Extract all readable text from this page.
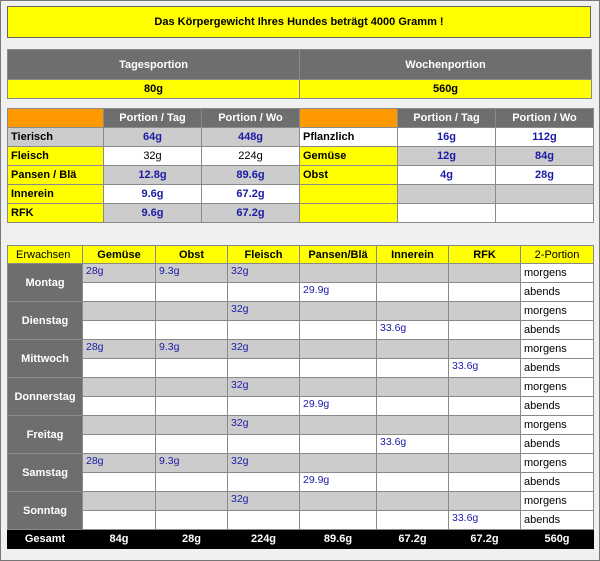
Das Körpergewicht Ihres Hundes beträgt 4000 Gramm !
Tagesportion	Wochenportion
80g	560g
	Portion / Tag	Portion / Wo		Portion / Tag	Portion / Wo
Tierisch	64g	448g	Pflanzlich	16g	112g
Fleisch	32g	224g	Gemüse	12g	84g
Pansen / Blä	12.8g	89.6g	Obst	4g	28g
Innerein	9.6g	67.2g			
RFK	9.6g	67.2g			
Erwachsen	Gemüse	Obst	Fleisch	Pansen/Blä	Innerein	RFK	2-Portion
Montag	28g	9.3g	32g				morgens
				29.9g			abends
Dienstag			32g				morgens
					33.6g		abends
Mittwoch	28g	9.3g	32g				morgens
						33.6g	abends
Donnerstag			32g				morgens
				29.9g			abends
Freitag			32g				morgens
					33.6g		abends
Samstag	28g	9.3g	32g				morgens
				29.9g			abends
Sonntag			32g				morgens
						33.6g	abends
Gesamt	84g	28g	224g	89.6g	67.2g	67.2g	560g
